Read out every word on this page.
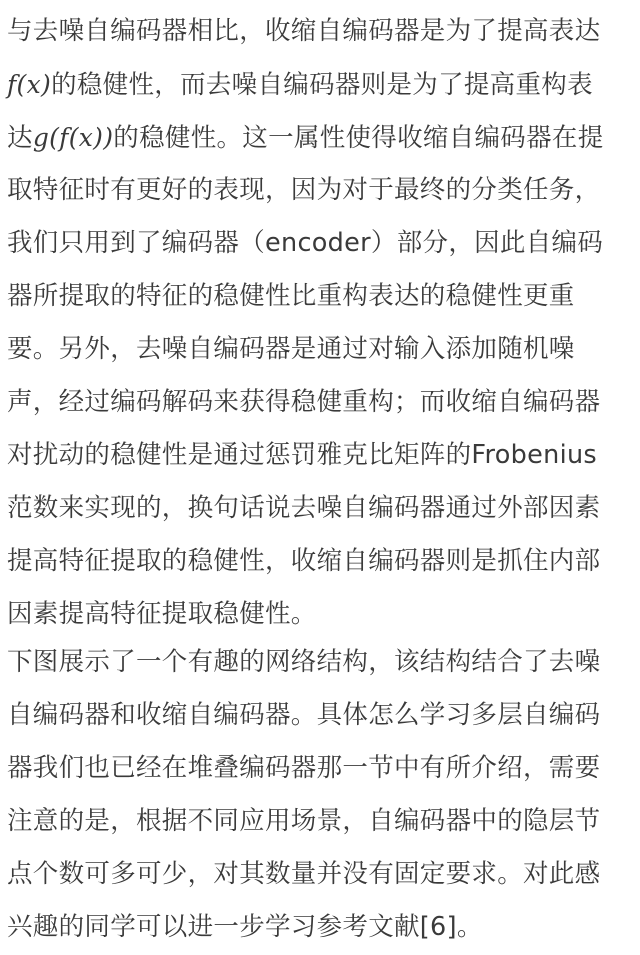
与去噪自编码器相比，收缩自编码器是为了提高表达
f(x)的稳健性，而去噪自编码器则是为了提高重构表
达g(f(x))的稳健性。这一属性使得收缩自编码器在提
取特征时有更好的表现，因为对于最终的分类任务，
我们只用到了编码器（encoder）部分，因此自编码
器所提取的特征的稳健性比重构表达的稳健性更重
要。另外，去噪自编码器是通过对输入添加随机噪
声，经过编码解码来获得稳健重构；而收缩自编码器
对扰动的稳健性是通过惩罚雅克比矩阵的Frobenius
范数来实现的，换句话说去噪自编码器通过外部因素
提高特征提取的稳健性，收缩自编码器则是抓住内部
因素提高特征提取稳健性。
下图展示了一个有趣的网络结构，该结构结合了去噪
自编码器和收缩自编码器。具体怎么学习多层自编码
器我们也已经在堆叠编码器那一节中有所介绍，需要
注意的是，根据不同应用场景，自编码器中的隐层节
点个数可多可少，对其数量并没有固定要求。对此感
兴趣的同学可以进一步学习参考文献[6]。
